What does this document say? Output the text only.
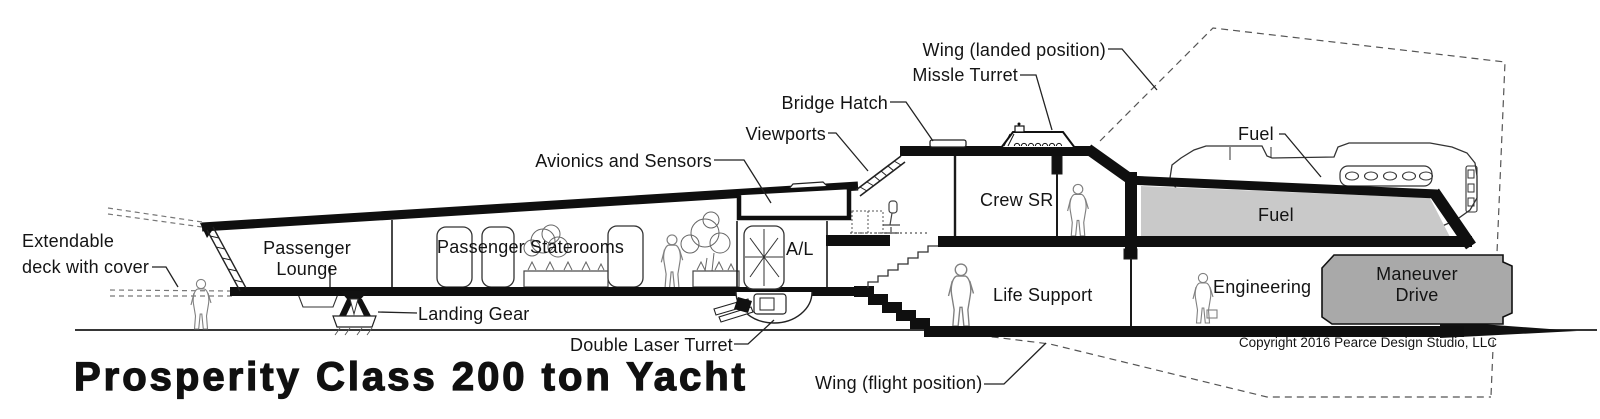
Wing (landed position)
Missle Turret
Bridge Hatch
Viewports
Avionics and Sensors
Fuel
Crew SR
Fuel
Extendable
deck with cover
Passenger
Lounge
Passenger Staterooms	A/L
Life Support	Engineering
Maneuver
Drive
Landing Gear
Double Laser Turret
Wing (flight position)
Copyright 2016 Pearce Design Studio, LLC
Prosperity Class 200 ton Yacht
